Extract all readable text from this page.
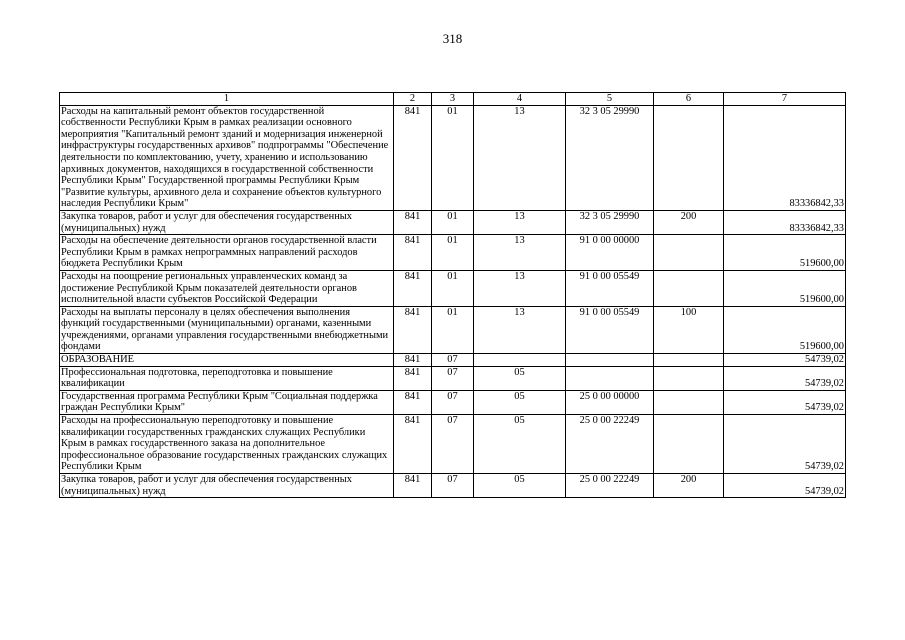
318
1	2	3	4	5	6	7
Расходы на капитальный ремонт объектов государственной собственности Республики Крым в рамках реализации основного мероприятия "Капитальный ремонт зданий и модернизация инженерной инфраструктуры государственных архивов" подпрограммы "Обеспечение деятельности по комплектованию, учету, хранению и использованию архивных документов, находящихся в государственной собственности Республики Крым" Государственной программы Республики Крым "Развитие культуры, архивного дела и сохранение объектов культурного наследия Республики Крым"	841	01	13	32 3 05 29990		83336842,33
Закупка товаров, работ и услуг для обеспечения государственных (муниципальных) нужд	841	01	13	32 3 05 29990	200	83336842,33
Расходы на обеспечение деятельности органов государственной власти Республики Крым в рамках непрограммных направлений расходов бюджета Республики Крым	841	01	13	91 0 00 00000		519600,00
Расходы на поощрение региональных управленческих команд за достижение Республикой Крым показателей деятельности органов исполнительной власти субъектов Российской Федерации	841	01	13	91 0 00 05549		519600,00
Расходы на выплаты персоналу в целях обеспечения выполнения функций государственными (муниципальными) органами, казенными учреждениями, органами управления государственными внебюджетными фондами	841	01	13	91 0 00 05549	100	519600,00
ОБРАЗОВАНИЕ	841	07				54739,02
Профессиональная подготовка, переподготовка и повышение квалификации	841	07	05			54739,02
Государственная программа Республики Крым "Социальная поддержка граждан Республики Крым"	841	07	05	25 0 00 00000		54739,02
Расходы на профессиональную переподготовку и повышение квалификации государственных гражданских служащих Республики Крым в рамках государственного заказа на дополнительное профессиональное образование государственных гражданских служащих Республики Крым	841	07	05	25 0 00 22249		54739,02
Закупка товаров, работ и услуг для обеспечения государственных (муниципальных) нужд	841	07	05	25 0 00 22249	200	54739,02
